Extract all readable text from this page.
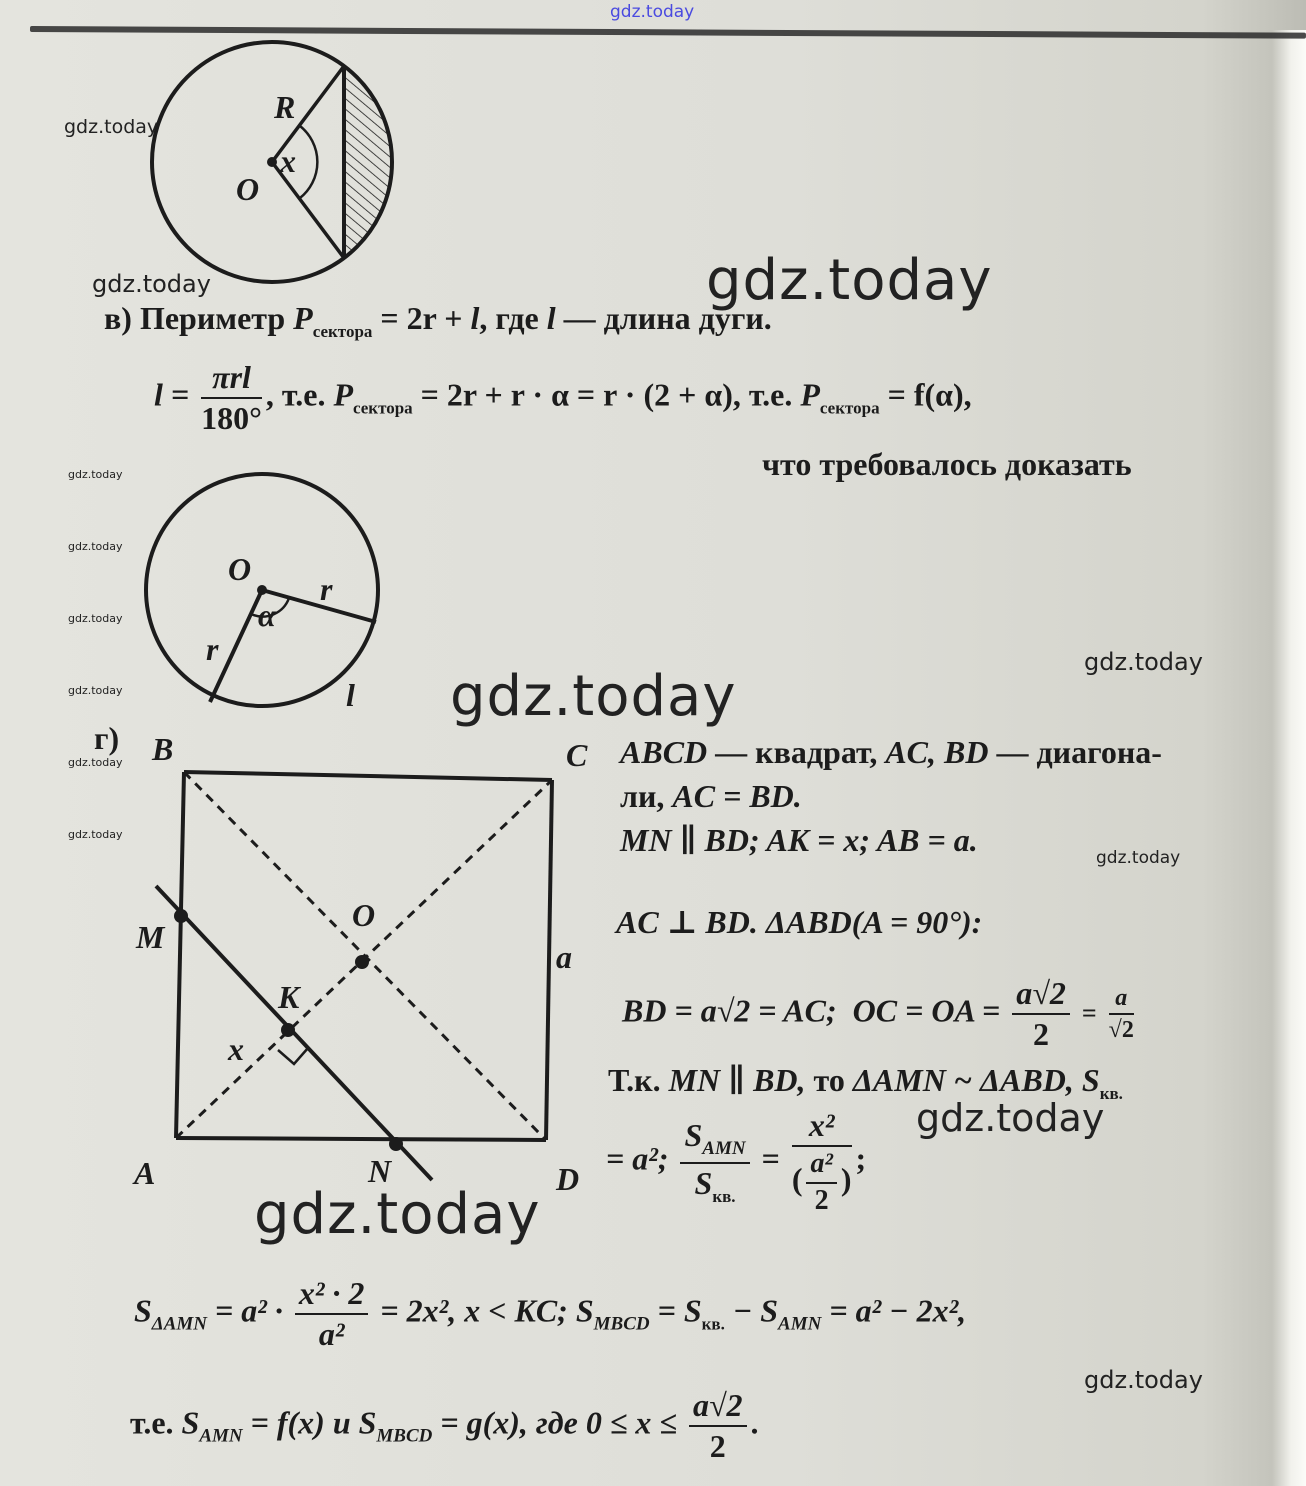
R
O
x
в) Периметр $P_{сектора} = 2r + l$, где l — длина дуги.
$l = \frac{\text{πrl}}{180^\circ}$ , т.е. $P_{сектора} = 2r + r \cdot \alpha = r \cdot (2 + \alpha)$, т.е. $P_{сектора} = f(\alpha)$,
что требовалось доказать
O
r
r
α
l
г) B	C
A	D
M
N
K
O
x
a
ABCD — квадрат, AC, BD — диагона-
ли, AC = BD.
MN ∥ BD; AK = x; AB = a.
AC ⊥ BD. ΔABD(A = 90°):
BD = a√2 = AC; OC = OA = $\frac{a√2}{2} = \frac{a}{√2}$
Т.к. MN ∥ BD, то ΔAMN ~ ΔABD, $S_{кв.}$
= a²; $\frac{S_{AMN}}{S_{кв.}} = \frac{\text{x²}}{( \frac{\text{a²}}{2} )}$ ;
$S_{\Delta AMN} = a^2 \cdot \frac{\text{x² · 2}}{\text{a²}} = 2x^2$, x < KC; $S_{MBCD} = S_{кв.} - S_{AMN} = a^2 - 2x^2$,
т.е. $S_{AMN} = f(x)$ и $S_{MBCD} = g(x)$, где $0 \le x \le \frac{a√2}{2}$ .
gdz.today
gdz.today
gdz.today	gdz.today
gdz.today
gdz.today
gdz.today
gdz.today
gdz.today
gdz.today
gdz.today
gdz.today
gdz.today
gdz.today
gdz.today
gdz.today
